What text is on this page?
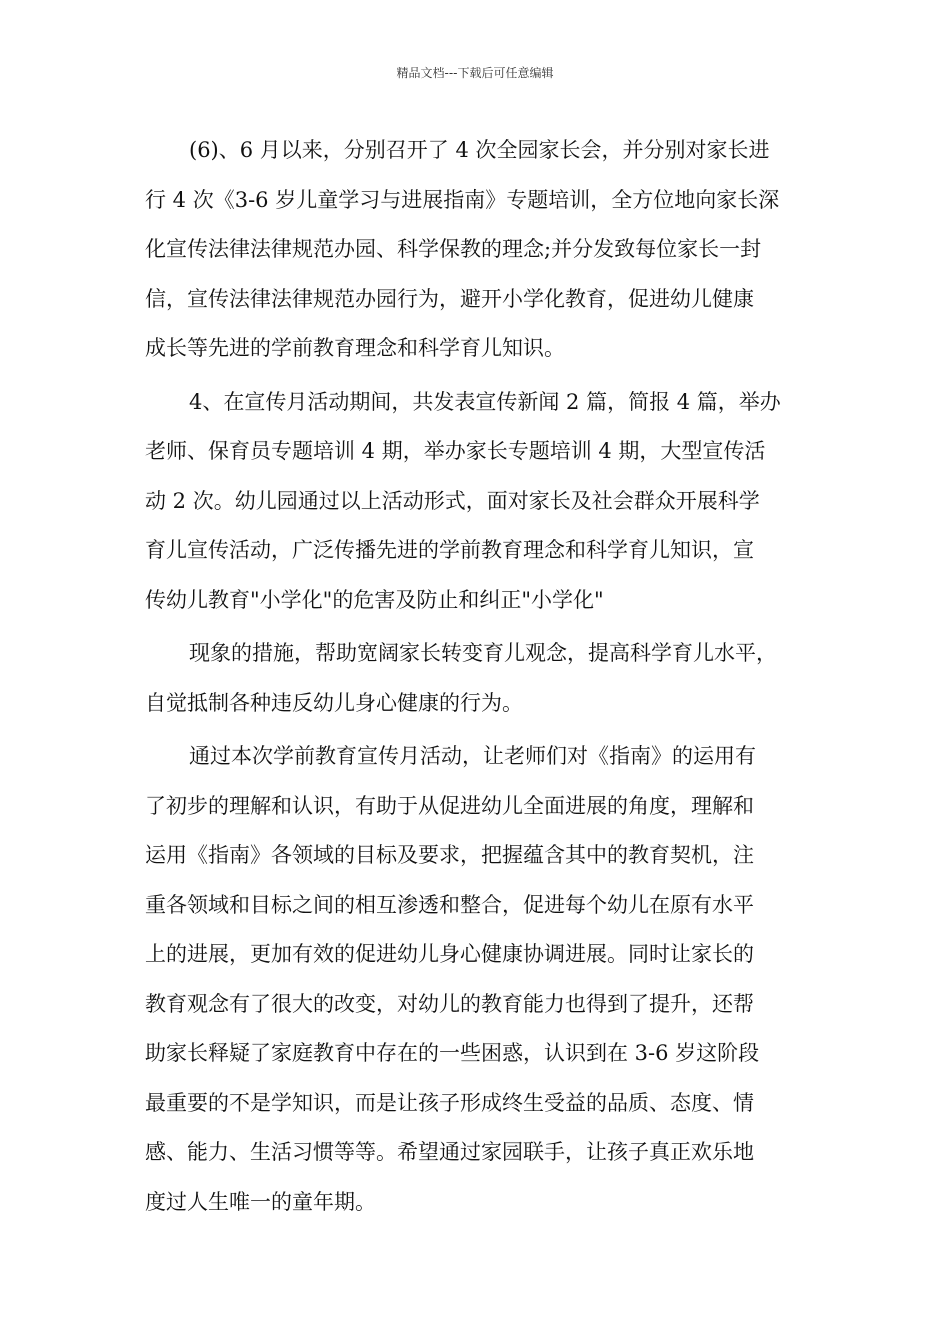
精品文档---下载后可任意编辑
(6)、6 月以来，分别召开了 4 次全园家长会，并分别对家长进
行 4 次《3-6 岁儿童学习与进展指南》专题培训，全方位地向家长深
化宣传法律法律规范办园、科学保教的理念;并分发致每位家长一封
信，宣传法律法律规范办园行为，避开小学化教育，促进幼儿健康
成长等先进的学前教育理念和科学育儿知识。
4、在宣传月活动期间，共发表宣传新闻 2 篇，简报 4 篇，举办
老师、保育员专题培训 4 期，举办家长专题培训 4 期，大型宣传活
动 2 次。幼儿园通过以上活动形式，面对家长及社会群众开展科学
育儿宣传活动，广泛传播先进的学前教育理念和科学育儿知识，宣
传幼儿教育"小学化"的危害及防止和纠正"小学化"
现象的措施，帮助宽阔家长转变育儿观念，提高科学育儿水平，
自觉抵制各种违反幼儿身心健康的行为。
通过本次学前教育宣传月活动，让老师们对《指南》的运用有
了初步的理解和认识，有助于从促进幼儿全面进展的角度，理解和
运用《指南》各领域的目标及要求，把握蕴含其中的教育契机，注
重各领域和目标之间的相互渗透和整合，促进每个幼儿在原有水平
上的进展，更加有效的促进幼儿身心健康协调进展。同时让家长的
教育观念有了很大的改变，对幼儿的教育能力也得到了提升，还帮
助家长释疑了家庭教育中存在的一些困惑，认识到在 3-6 岁这阶段
最重要的不是学知识，而是让孩子形成终生受益的品质、态度、情
感、能力、生活习惯等等。希望通过家园联手，让孩子真正欢乐地
度过人生唯一的童年期。
